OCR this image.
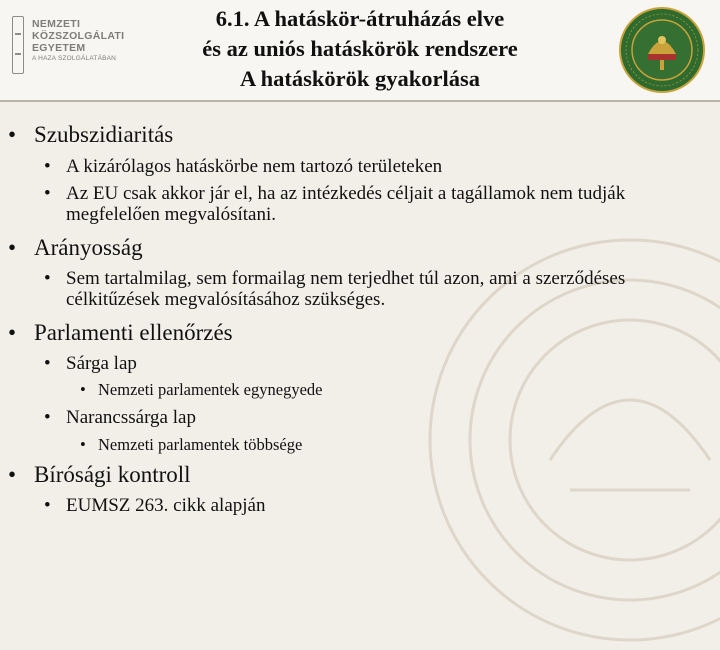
NEMZETI
KÖZSZOLGÁLATI
EGYETEM
A HAZA SZOLGÁLATÁBAN
6.1. A hatáskör-átruházás elve
és az uniós hatáskörök rendszere
A hatáskörök gyakorlása
• Szubszidiaritás
• A kizárólagos hatáskörbe nem tartozó területeken
• Az EU csak akkor jár el, ha az intézkedés céljait a tagállamok nem tudják megfelelően megvalósítani.
• Arányosság
• Sem tartalmilag, sem formailag nem terjedhet túl azon, ami a szerződéses célkitűzések megvalósításához szükséges.
• Parlamenti ellenőrzés
• Sárga lap
• Nemzeti parlamentek egynegyede
• Narancssárga lap
• Nemzeti parlamentek többsége
• Bírósági kontroll
• EUMSZ 263. cikk alapján
